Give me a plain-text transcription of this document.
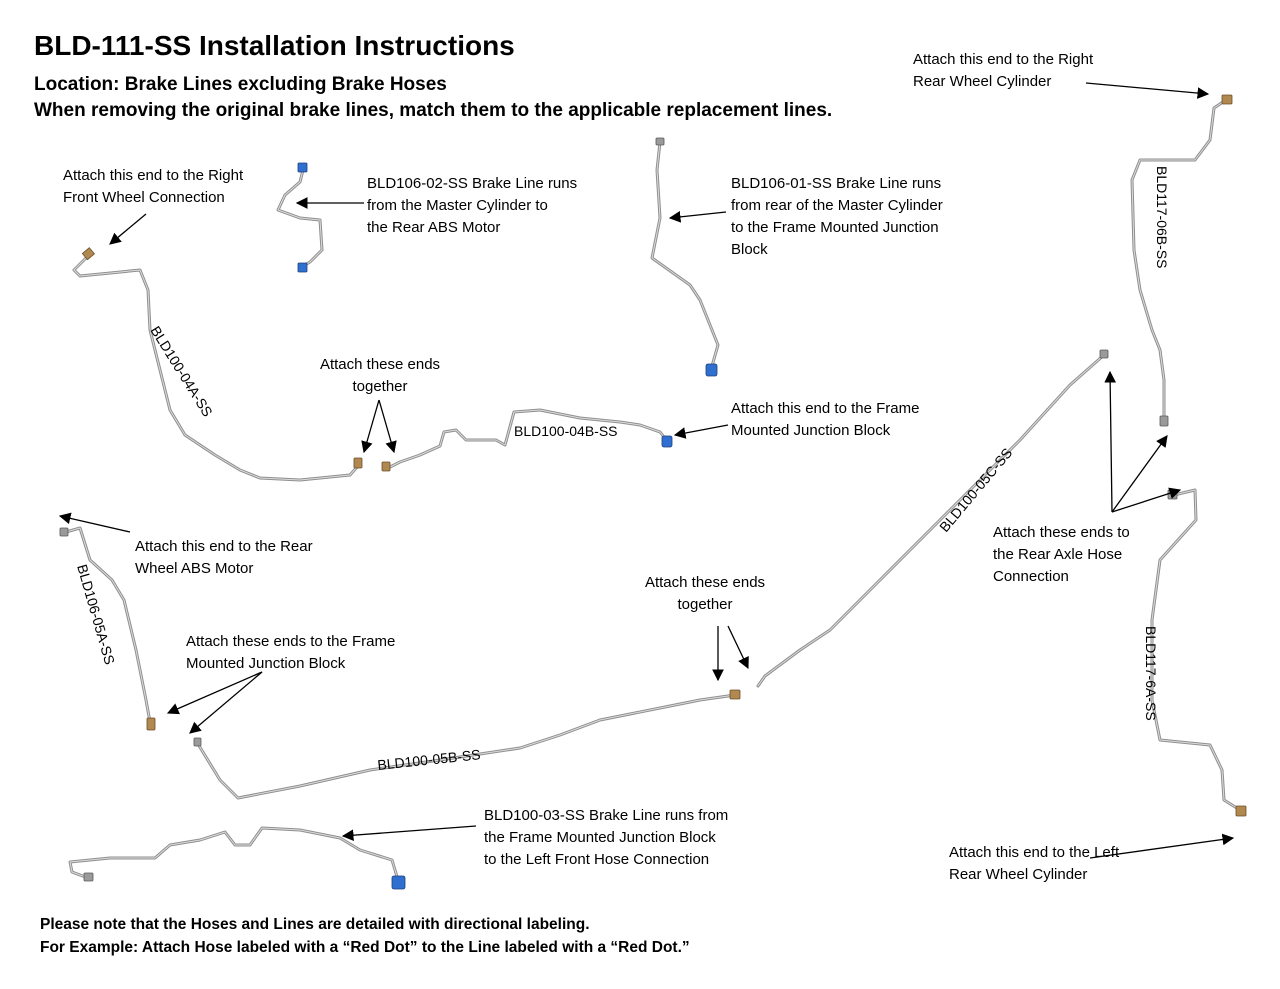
BLD100-04A-SS
BLD100-04B-SS
BLD117-06B-SS
BLD100-05C-SS
BLD106-05A-SS
BLD100-05B-SS
BLD117-6A-SS
BLD-111-SS Installation Instructions
Location: Brake Lines excluding Brake Hoses
When removing the original brake lines, match them to the applicable replacement lines.
Attach this end to the Right
Front Wheel Connection
BLD106-02-SS Brake Line runs
from the Master Cylinder to
the Rear ABS Motor
BLD106-01-SS Brake Line runs
from rear of the Master Cylinder
to the Frame Mounted Junction
Block
Attach this end to the Right
Rear Wheel Cylinder
Attach these ends
together
Attach this end to the Frame
Mounted Junction Block
Attach this end to the Rear
Wheel ABS Motor
Attach these ends to the Frame
Mounted Junction Block
Attach these ends
together
Attach these ends to
the Rear Axle Hose
Connection
BLD100-03-SS Brake Line runs from
the Frame Mounted Junction Block
to the Left Front Hose Connection	Attach this end to the Left
Rear Wheel Cylinder
Please note that the Hoses and Lines are detailed with directional labeling.
For Example: Attach Hose labeled with a “Red Dot” to the Line labeled with a “Red Dot.”
